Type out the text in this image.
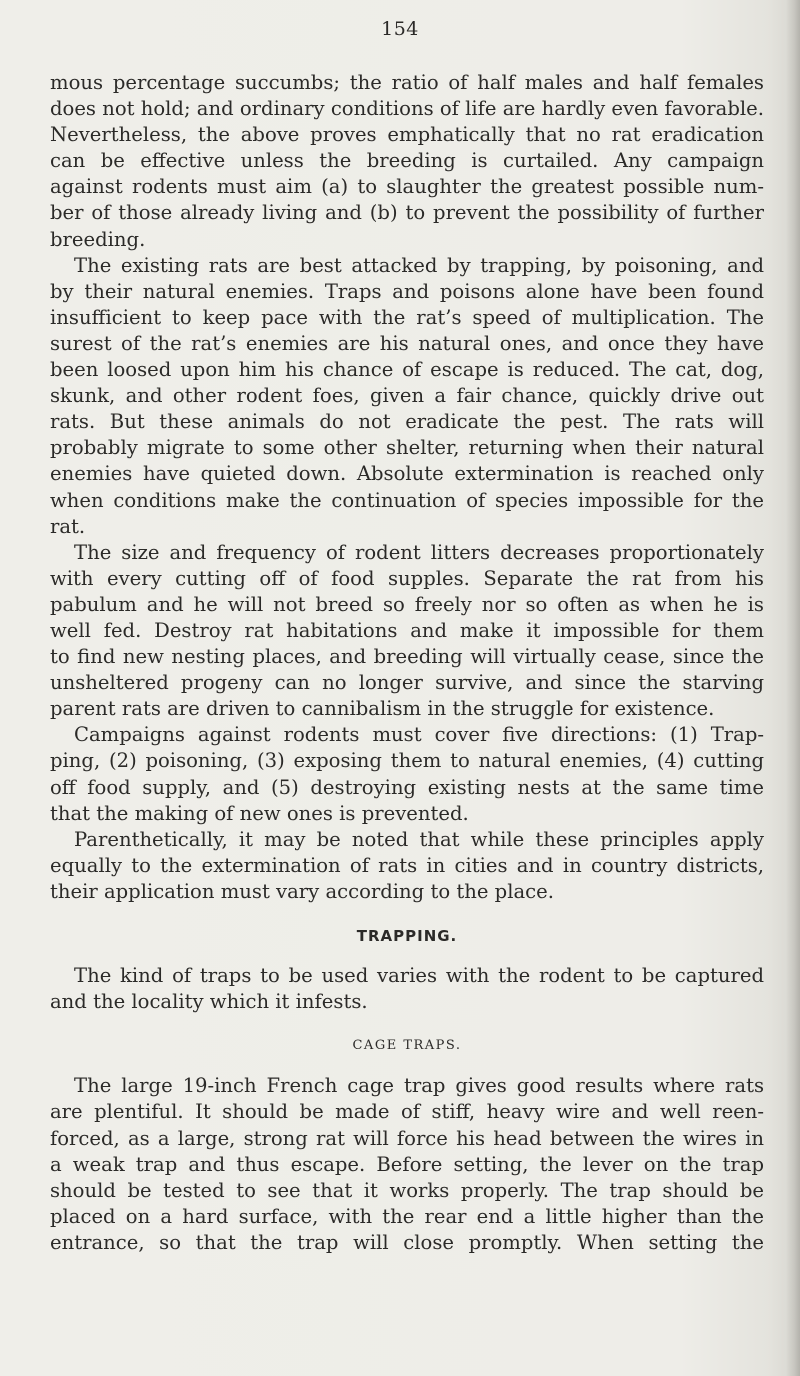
154

mous percentage succumbs; the ratio of half males and half females
does not hold; and ordinary conditions of life are hardly even favorable.
Nevertheless, the above proves emphatically that no rat eradication
can be effective unless the breeding is curtailed. Any campaign
against rodents must aim (a) to slaughter the greatest possible num-
ber of those already living and (b) to prevent the possibility of further
breeding.

The existing rats are best attacked by trapping, by poisoning, and
by their natural enemies. Traps and poisons alone have been found
insufficient to keep pace with the rat’s speed of multiplication. The
surest of the rat’s enemies are his natural ones, and once they have
been loosed upon him his chance of escape is reduced. The cat, dog,
skunk, and other rodent foes, given a fair chance, quickly drive out
rats. But these animals do not eradicate the pest. The rats will
probably migrate to some other shelter, returning when their natural
enemies have quieted down. Absolute extermination is reached only
when conditions make the continuation of species impossible for the
rat.

The size and frequency of rodent litters decreases proportionately
with every cutting off of food supples. Separate the rat from his
pabulum and he will not breed so freely nor so often as when he is
well fed. Destroy rat habitations and make it impossible for them
to find new nesting places, and breeding will virtually cease, since the
unsheltered progeny can no longer survive, and since the starving
parent rats are driven to cannibalism in the struggle for existence.

Campaigns against rodents must cover five directions: (1) Trap-
ping, (2) poisoning, (3) exposing them to natural enemies, (4) cutting
off food supply, and (5) destroying existing nests at the same time
that the making of new ones is prevented.

Parenthetically, it may be noted that while these principles apply
equally to the extermination of rats in cities and in country districts,
their application must vary according to the place.

TRAPPING.

The kind of traps to be used varies with the rodent to be captured
and the locality which it infests.

CAGE TRAPS.

The large 19-inch French cage trap gives good results where rats
are plentiful. It should be made of stiff, heavy wire and well reen-
forced, as a large, strong rat will force his head between the wires in
a weak trap and thus escape. Before setting, the lever on the trap
should be tested to see that it works properly. The trap should be
placed on a hard surface, with the rear end a little higher than the
entrance, so that the trap will close promptly. When setting the
